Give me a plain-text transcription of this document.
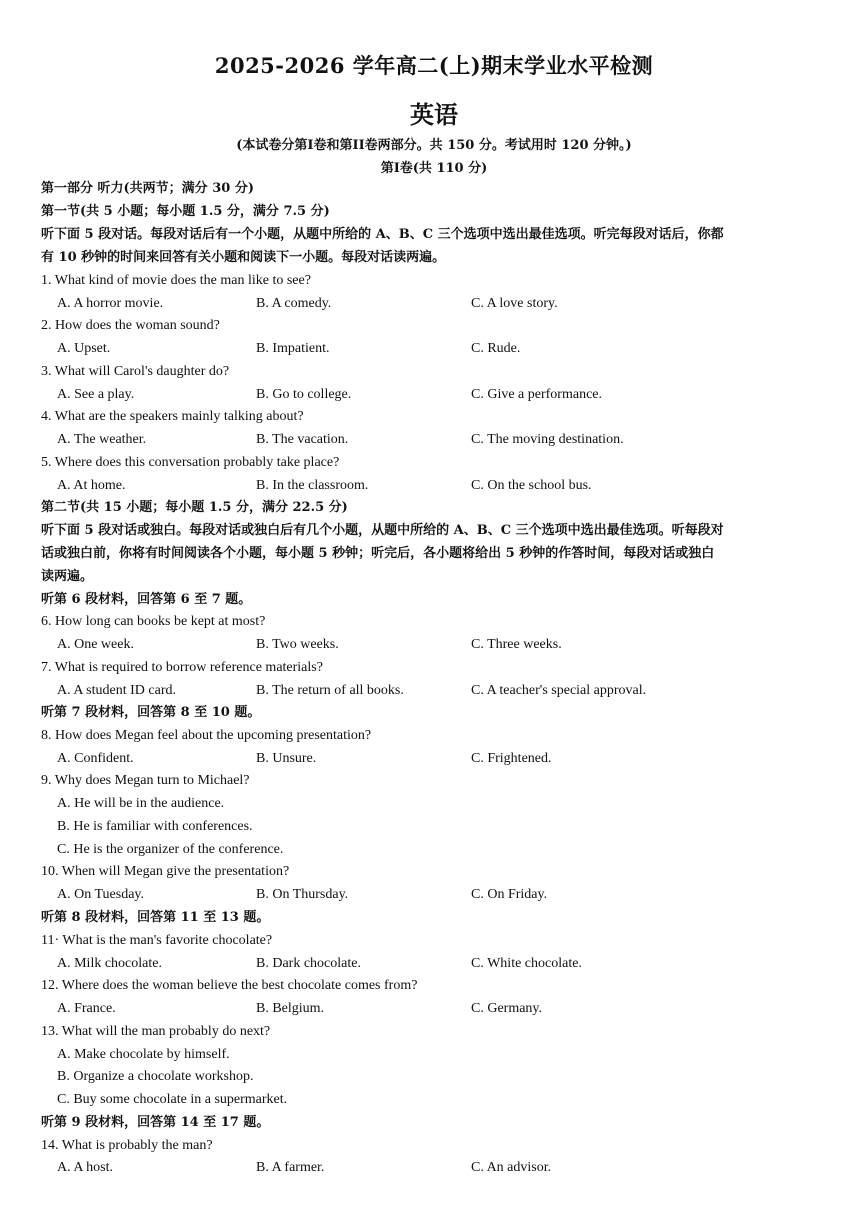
2025-2026 学年高二(上)期末学业水平检测
英语
(本试卷分第I卷和第II卷两部分。共 150 分。考试用时 120 分钟。)
第I卷(共 110 分)
第一部分 听力(共两节；满分 30 分)
第一节(共 5 小题；每小题 1.5 分，满分 7.5 分)
听下面 5 段对话。每段对话后有一个小题，从题中所给的 A、B、C 三个选项中选出最佳选项。听完每段对话后，你都
有 10 秒钟的时间来回答有关小题和阅读下一小题。每段对话读两遍。
1. What kind of movie does the man like to see?
A. A horror movie.	B. A comedy.	C. A love story.
2. How does the woman sound?
A. Upset.	B. Impatient.	C. Rude.
3. What will Carol's daughter do?
A. See a play.	B. Go to college.	C. Give a performance.
4. What are the speakers mainly talking about?
A. The weather.	B. The vacation.	C. The moving destination.
5. Where does this conversation probably take place?
A. At home.	B. In the classroom.	C. On the school bus.
第二节(共 15 小题；每小题 1.5 分，满分 22.5 分)
听下面 5 段对话或独白。每段对话或独白后有几个小题，从题中所给的 A、B、C 三个选项中选出最佳选项。听每段对
话或独白前，你将有时间阅读各个小题，每小题 5 秒钟；听完后，各小题将给出 5 秒钟的作答时间，每段对话或独白
读两遍。
听第 6 段材料，回答第 6 至 7 题。
6. How long can books be kept at most?
A. One week.	B. Two weeks.	C. Three weeks.
7. What is required to borrow reference materials?
A. A student ID card.	B. The return of all books.	C. A teacher's special approval.
听第 7 段材料，回答第 8 至 10 题。
8. How does Megan feel about the upcoming presentation?
A. Confident.	B. Unsure.	C. Frightened.
9. Why does Megan turn to Michael?
A. He will be in the audience.
B. He is familiar with conferences.
C. He is the organizer of the conference.
10. When will Megan give the presentation?
A. On Tuesday.	B. On Thursday.	C. On Friday.
听第 8 段材料，回答第 11 至 13 题。
11· What is the man's favorite chocolate?
A. Milk chocolate.	B. Dark chocolate.	C. White chocolate.
12. Where does the woman believe the best chocolate comes from?
A. France.	B. Belgium.	C. Germany.
13. What will the man probably do next?
A. Make chocolate by himself.
B. Organize a chocolate workshop.
C. Buy some chocolate in a supermarket.
听第 9 段材料，回答第 14 至 17 题。
14. What is probably the man?
A. A host.	B. A farmer.	C. An advisor.
